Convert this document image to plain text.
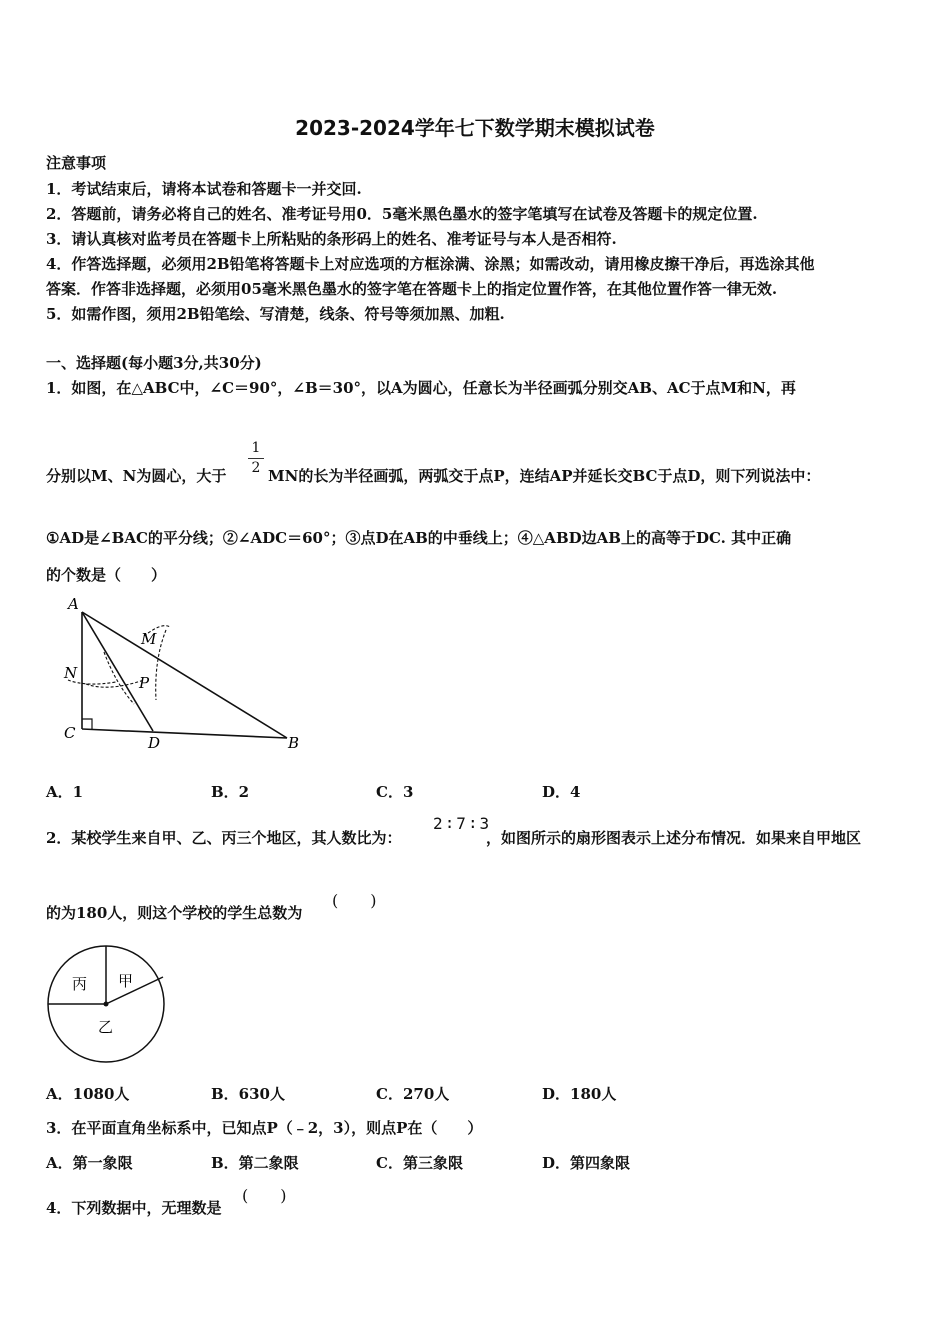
2023-2024学年七下数学期末模拟试卷
注意事项
1．考试结束后，请将本试卷和答题卡一并交回.
2．答题前，请务必将自己的姓名、准考证号用0．5毫米黑色墨水的签字笔填写在试卷及答题卡的规定位置.
3．请认真核对监考员在答题卡上所粘贴的条形码上的姓名、准考证号与本人是否相符.
4．作答选择题，必须用2B铅笔将答题卡上对应选项的方框涂满、涂黑；如需改动，请用橡皮擦干净后，再选涂其他
答案．作答非选择题，必须用05毫米黑色墨水的签字笔在答题卡上的指定位置作答，在其他位置作答一律无效.
5．如需作图，须用2B铅笔绘、写清楚，线条、符号等须加黑、加粗.
一、选择题(每小题3分,共30分)
1．如图，在△ABC中，∠C＝90°，∠B＝30°，以A为圆心，任意长为半径画弧分别交AB、AC于点M和N，再
分别以M、N为圆心，大于
1
2 MN的长为半径画弧，两弧交于点P，连结AP并延长交BC于点D，则下列说法中：
①AD是∠BAC的平分线；②∠ADC＝60°；③点D在AB的中垂线上；④△ABD边AB上的高等于DC. 其中正确
的个数是（　　）
A
M
N
P
C
D	B
A．1	B．2	C．3	D．4
2．某校学生来自甲、乙、丙三个地区，其人数比为：
2∶7∶3
，如图所示的扇形图表示上述分布情况．如果来自甲地区
的为180人，则这个学校的学生总数为
(　　)
丙 甲
乙
A．1080人	B．630人	C．270人	D．180人
3．在平面直角坐标系中，已知点P（﹣2，3），则点P在（　　）
A．第一象限	B．第二象限	C．第三象限	D．第四象限
4．下列数据中，无理数是
(　　)
